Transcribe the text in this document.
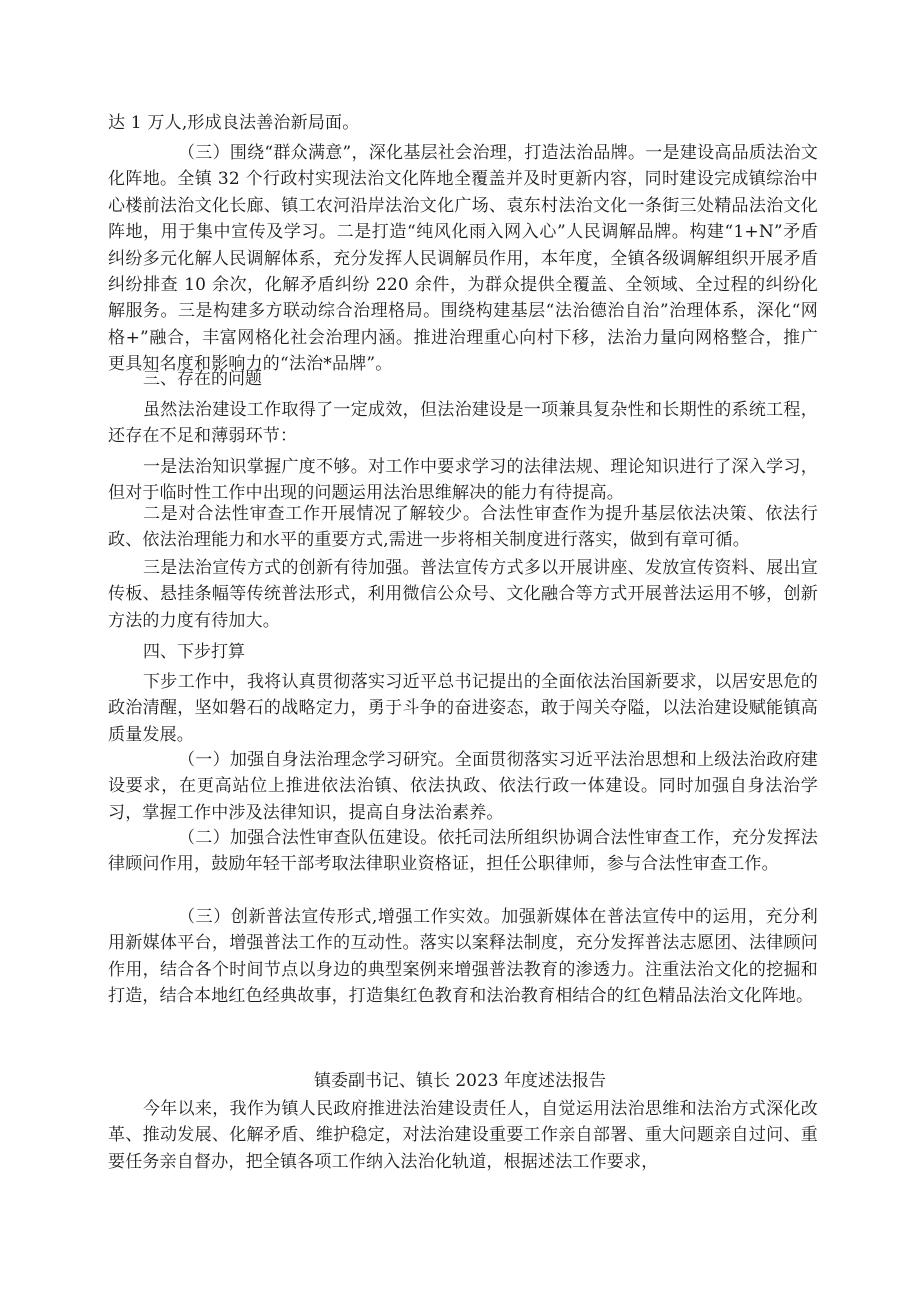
达 1 万人,形成良法善治新局面。

（三）围绕“群众满意”，深化基层社会治理，打造法治品牌。一是建设高品质法治文化阵地。全镇 32 个行政村实现法治文化阵地全覆盖并及时更新内容，同时建设完成镇综治中心楼前法治文化长廊、镇工农河沿岸法治文化广场、袁东村法治文化一条街三处精品法治文化阵地，用于集中宣传及学习。二是打造“纯风化雨入网入心”人民调解品牌。构建“1+N”矛盾纠纷多元化解人民调解体系，充分发挥人民调解员作用，本年度，全镇各级调解组织开展矛盾纠纷排查 10 余次，化解矛盾纠纷 220 余件，为群众提供全覆盖、全领域、全过程的纠纷化解服务。三是构建多方联动综合治理格局。围绕构建基层“法治德治自治”治理体系，深化“网格+”融合，丰富网格化社会治理内涵。推进治理重心向村下移，法治力量向网格整合，推广更具知名度和影响力的“法治*品牌”。

三、存在的问题

虽然法治建设工作取得了一定成效，但法治建设是一项兼具复杂性和长期性的系统工程，还存在不足和薄弱环节：

一是法治知识掌握广度不够。对工作中要求学习的法律法规、理论知识进行了深入学习，但对于临时性工作中出现的问题运用法治思维解决的能力有待提高。

二是对合法性审查工作开展情况了解较少。合法性审查作为提升基层依法决策、依法行政、依法治理能力和水平的重要方式,需进一步将相关制度进行落实，做到有章可循。

三是法治宣传方式的创新有待加强。普法宣传方式多以开展讲座、发放宣传资料、展出宣传板、悬挂条幅等传统普法形式，利用微信公众号、文化融合等方式开展普法运用不够，创新方法的力度有待加大。

四、下步打算

下步工作中，我将认真贯彻落实习近平总书记提出的全面依法治国新要求，以居安思危的政治清醒，坚如磐石的战略定力，勇于斗争的奋进姿态，敢于闯关夺隘，以法治建设赋能镇高质量发展。

（一）加强自身法治理念学习研究。全面贯彻落实习近平法治思想和上级法治政府建设要求，在更高站位上推进依法治镇、依法执政、依法行政一体建设。同时加强自身法治学习，掌握工作中涉及法律知识，提高自身法治素养。

（二）加强合法性审查队伍建设。依托司法所组织协调合法性审查工作，充分发挥法律顾问作用，鼓励年轻干部考取法律职业资格证，担任公职律师，参与合法性审查工作。

（三）创新普法宣传形式,增强工作实效。加强新媒体在普法宣传中的运用，充分利用新媒体平台，增强普法工作的互动性。落实以案释法制度，充分发挥普法志愿团、法律顾问作用，结合各个时间节点以身边的典型案例来增强普法教育的渗透力。注重法治文化的挖掘和打造，结合本地红色经典故事，打造集红色教育和法治教育相结合的红色精品法治文化阵地。

镇委副书记、镇长 2023 年度述法报告

今年以来，我作为镇人民政府推进法治建设责任人，自觉运用法治思维和法治方式深化改革、推动发展、化解矛盾、维护稳定，对法治建设重要工作亲自部署、重大问题亲自过问、重要任务亲自督办，把全镇各项工作纳入法治化轨道，根据述法工作要求，
